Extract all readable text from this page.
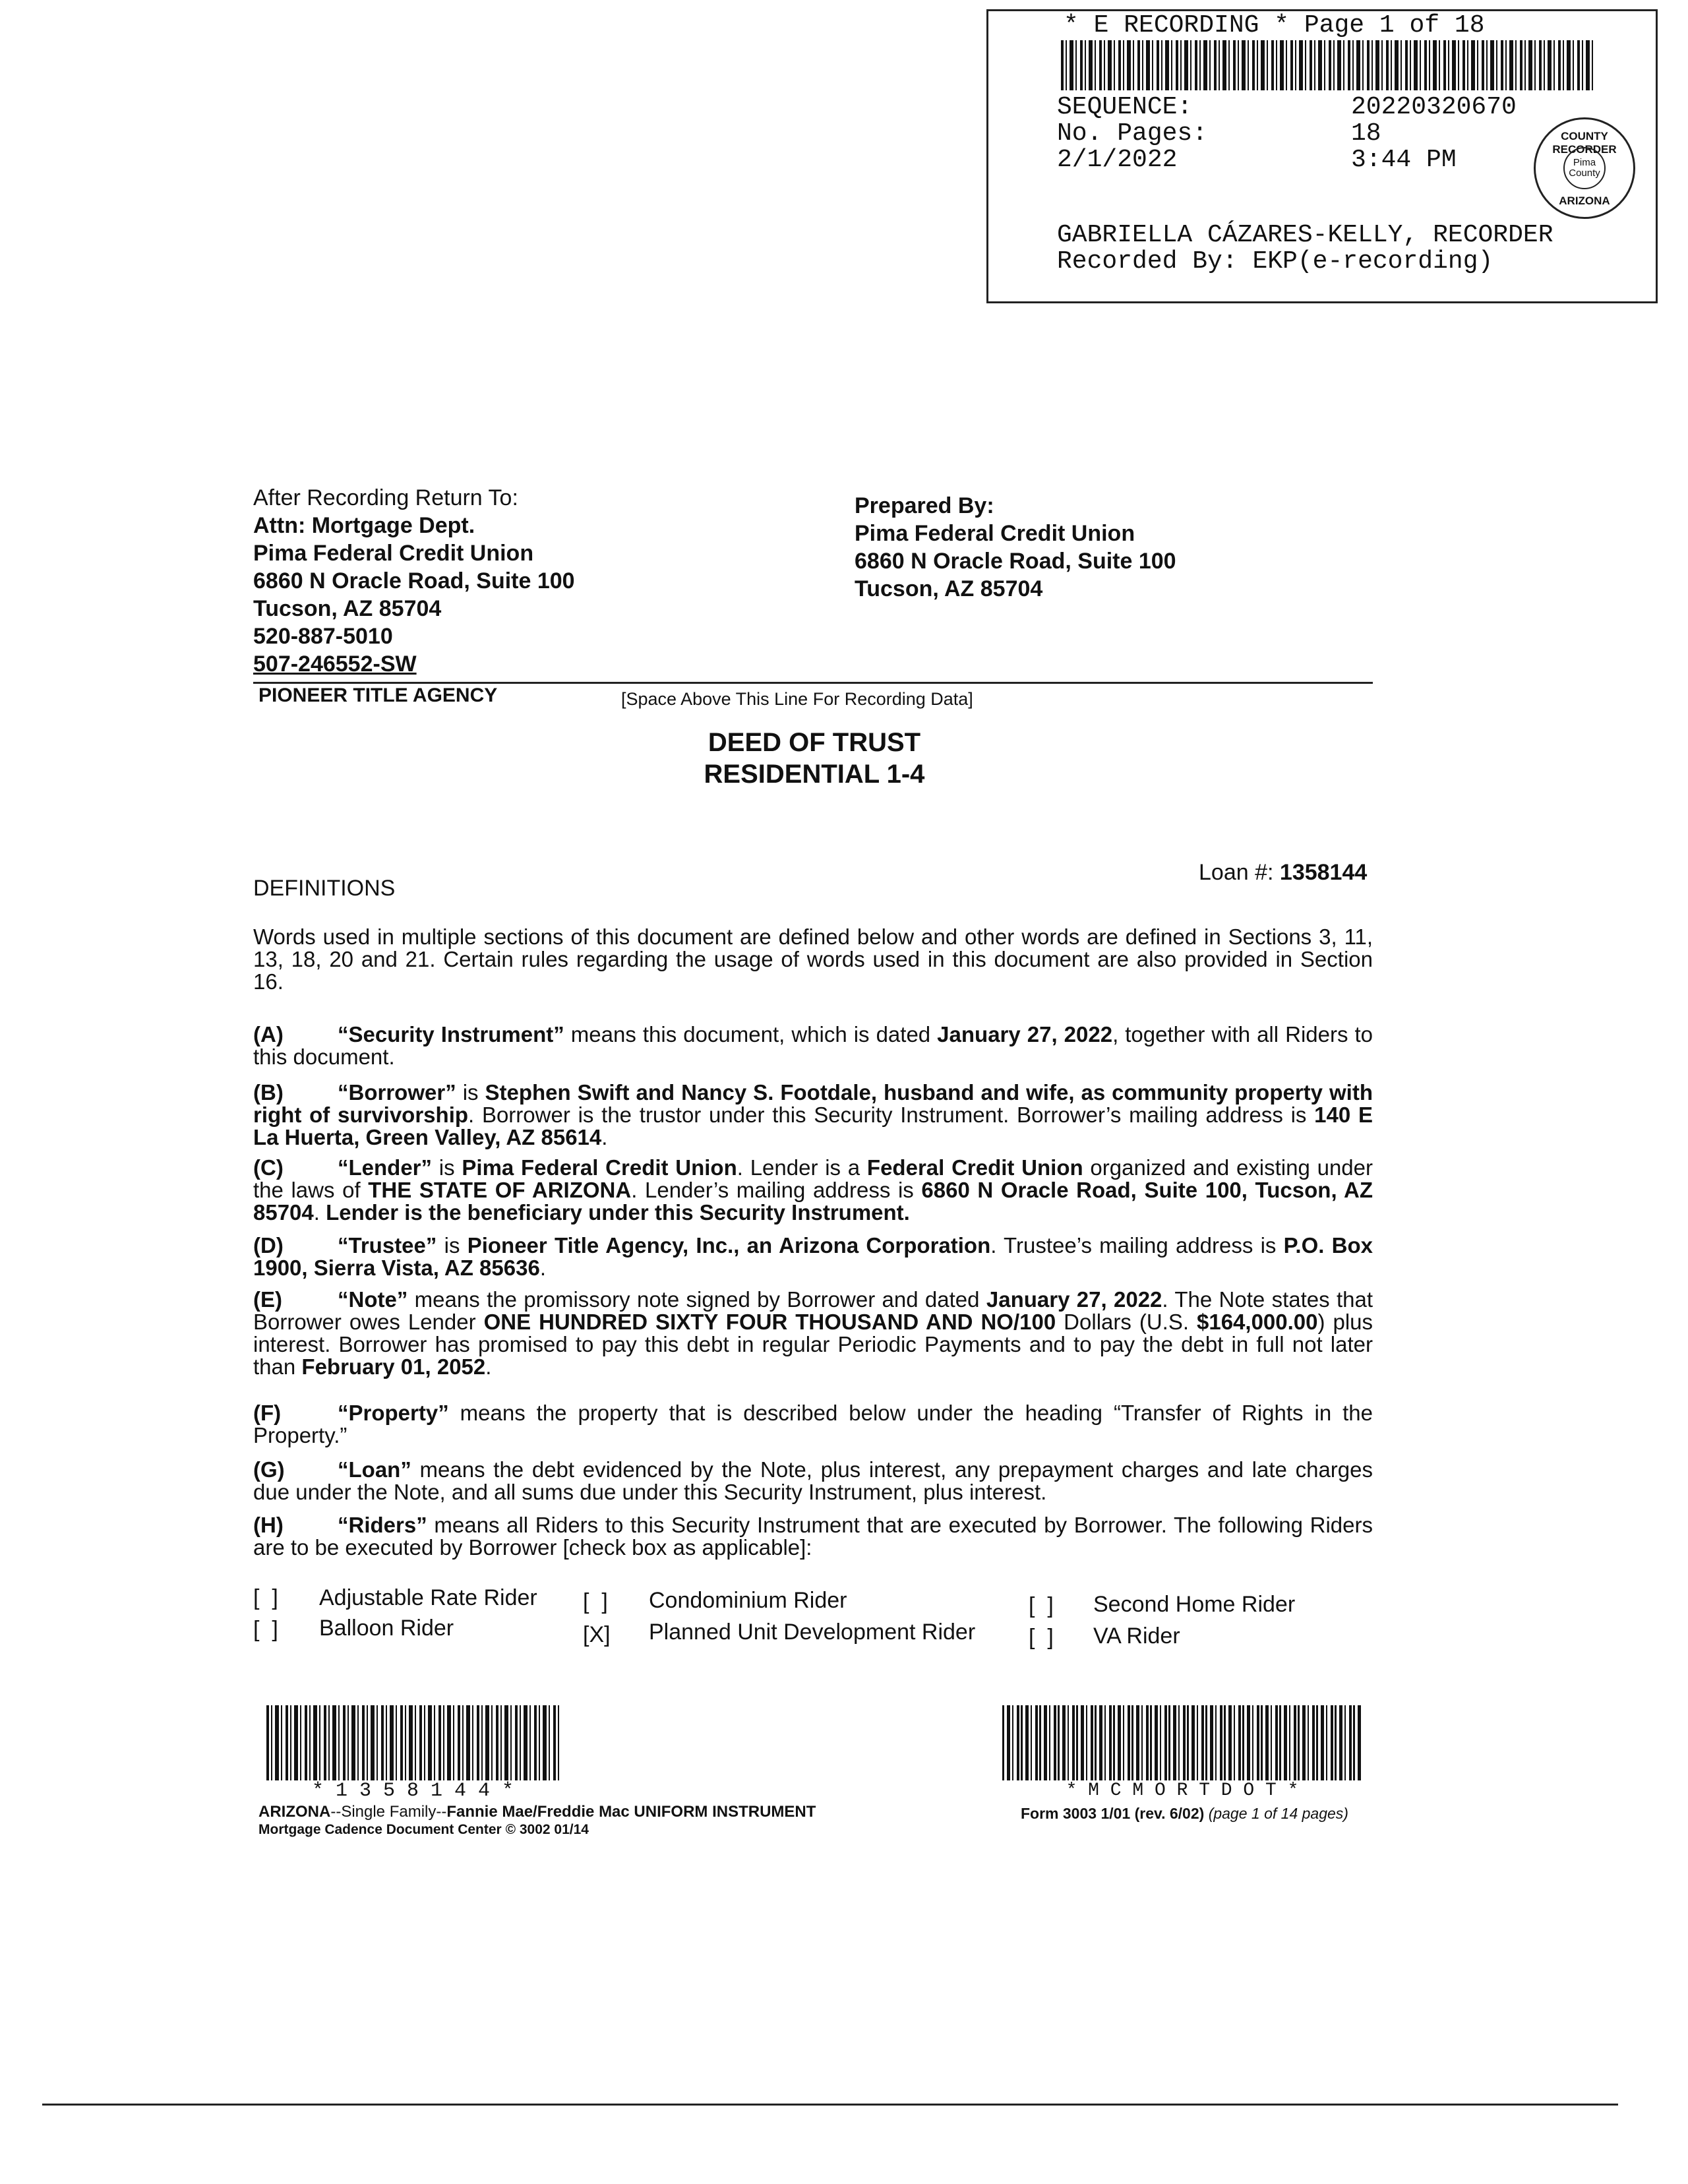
* E RECORDING * Page 1 of 18
SEQUENCE:	20220320670
No. Pages:	18
2/1/2022	3:44 PM
GABRIELLA CÁZARES-KELLY, RECORDER
Recorded By: EKP(e-recording)
COUNTY RECORDER
Pima County
ARIZONA
After Recording Return To:
Attn: Mortgage Dept.
Pima Federal Credit Union
6860 N Oracle Road, Suite 100
Tucson, AZ 85704
520-887-5010
507-246552-SW
Prepared By:
Pima Federal Credit Union
6860 N Oracle Road, Suite 100
Tucson, AZ 85704
PIONEER TITLE AGENCY	[Space Above This Line For Recording Data]
DEED OF TRUST
RESIDENTIAL 1-4
DEFINITIONS
Loan #: 1358144
Words used in multiple sections of this document are defined below and other words are defined in Sections 3, 11, 13, 18, 20 and 21. Certain rules regarding the usage of words used in this document are also provided in Section 16.
(A) “Security Instrument” means this document, which is dated January 27, 2022, together with all Riders to this document.
(B) “Borrower” is Stephen Swift and Nancy S. Footdale, husband and wife, as community property with right of survivorship. Borrower is the trustor under this Security Instrument. Borrower’s mailing address is 140 E La Huerta, Green Valley, AZ 85614.
(C) “Lender” is Pima Federal Credit Union. Lender is a Federal Credit Union organized and existing under the laws of THE STATE OF ARIZONA. Lender’s mailing address is 6860 N Oracle Road, Suite 100, Tucson, AZ 85704. Lender is the beneficiary under this Security Instrument.
(D) “Trustee” is Pioneer Title Agency, Inc., an Arizona Corporation. Trustee’s mailing address is P.O. Box 1900, Sierra Vista, AZ 85636.
(E)	“Note” means the promissory note signed by Borrower and dated January 27, 2022. The Note states that Borrower owes Lender ONE HUNDRED SIXTY FOUR THOUSAND AND NO/100 Dollars (U.S. $164,000.00) plus interest. Borrower has promised to pay this debt in regular Periodic Payments and to pay the debt in full not later than February 01, 2052.
(F)	“Property” means the property that is described below under the heading “Transfer of Rights in the Property.”
(G) “Loan” means the debt evidenced by the Note, plus interest, any prepayment charges and late charges due under the Note, and all sums due under this Security Instrument, plus interest.
(H) “Riders” means all Riders to this Security Instrument that are executed by Borrower. The following Riders are to be executed by Borrower [check box as applicable]:
[  ] Adjustable Rate Rider [  ] Condominium Rider	[  ] Second Home Rider
[  ] Balloon Rider	[X] Planned Unit Development Rider [  ] VA Rider
* 1 3 5 8 1 4 4 *	* M C M O R T D O T *
ARIZONA--Single Family--Fannie Mae/Freddie Mac UNIFORM INSTRUMENT
Mortgage Cadence Document Center © 3002 01/14
Form 3003 1/01 (rev. 6/02) (page 1 of 14 pages)
